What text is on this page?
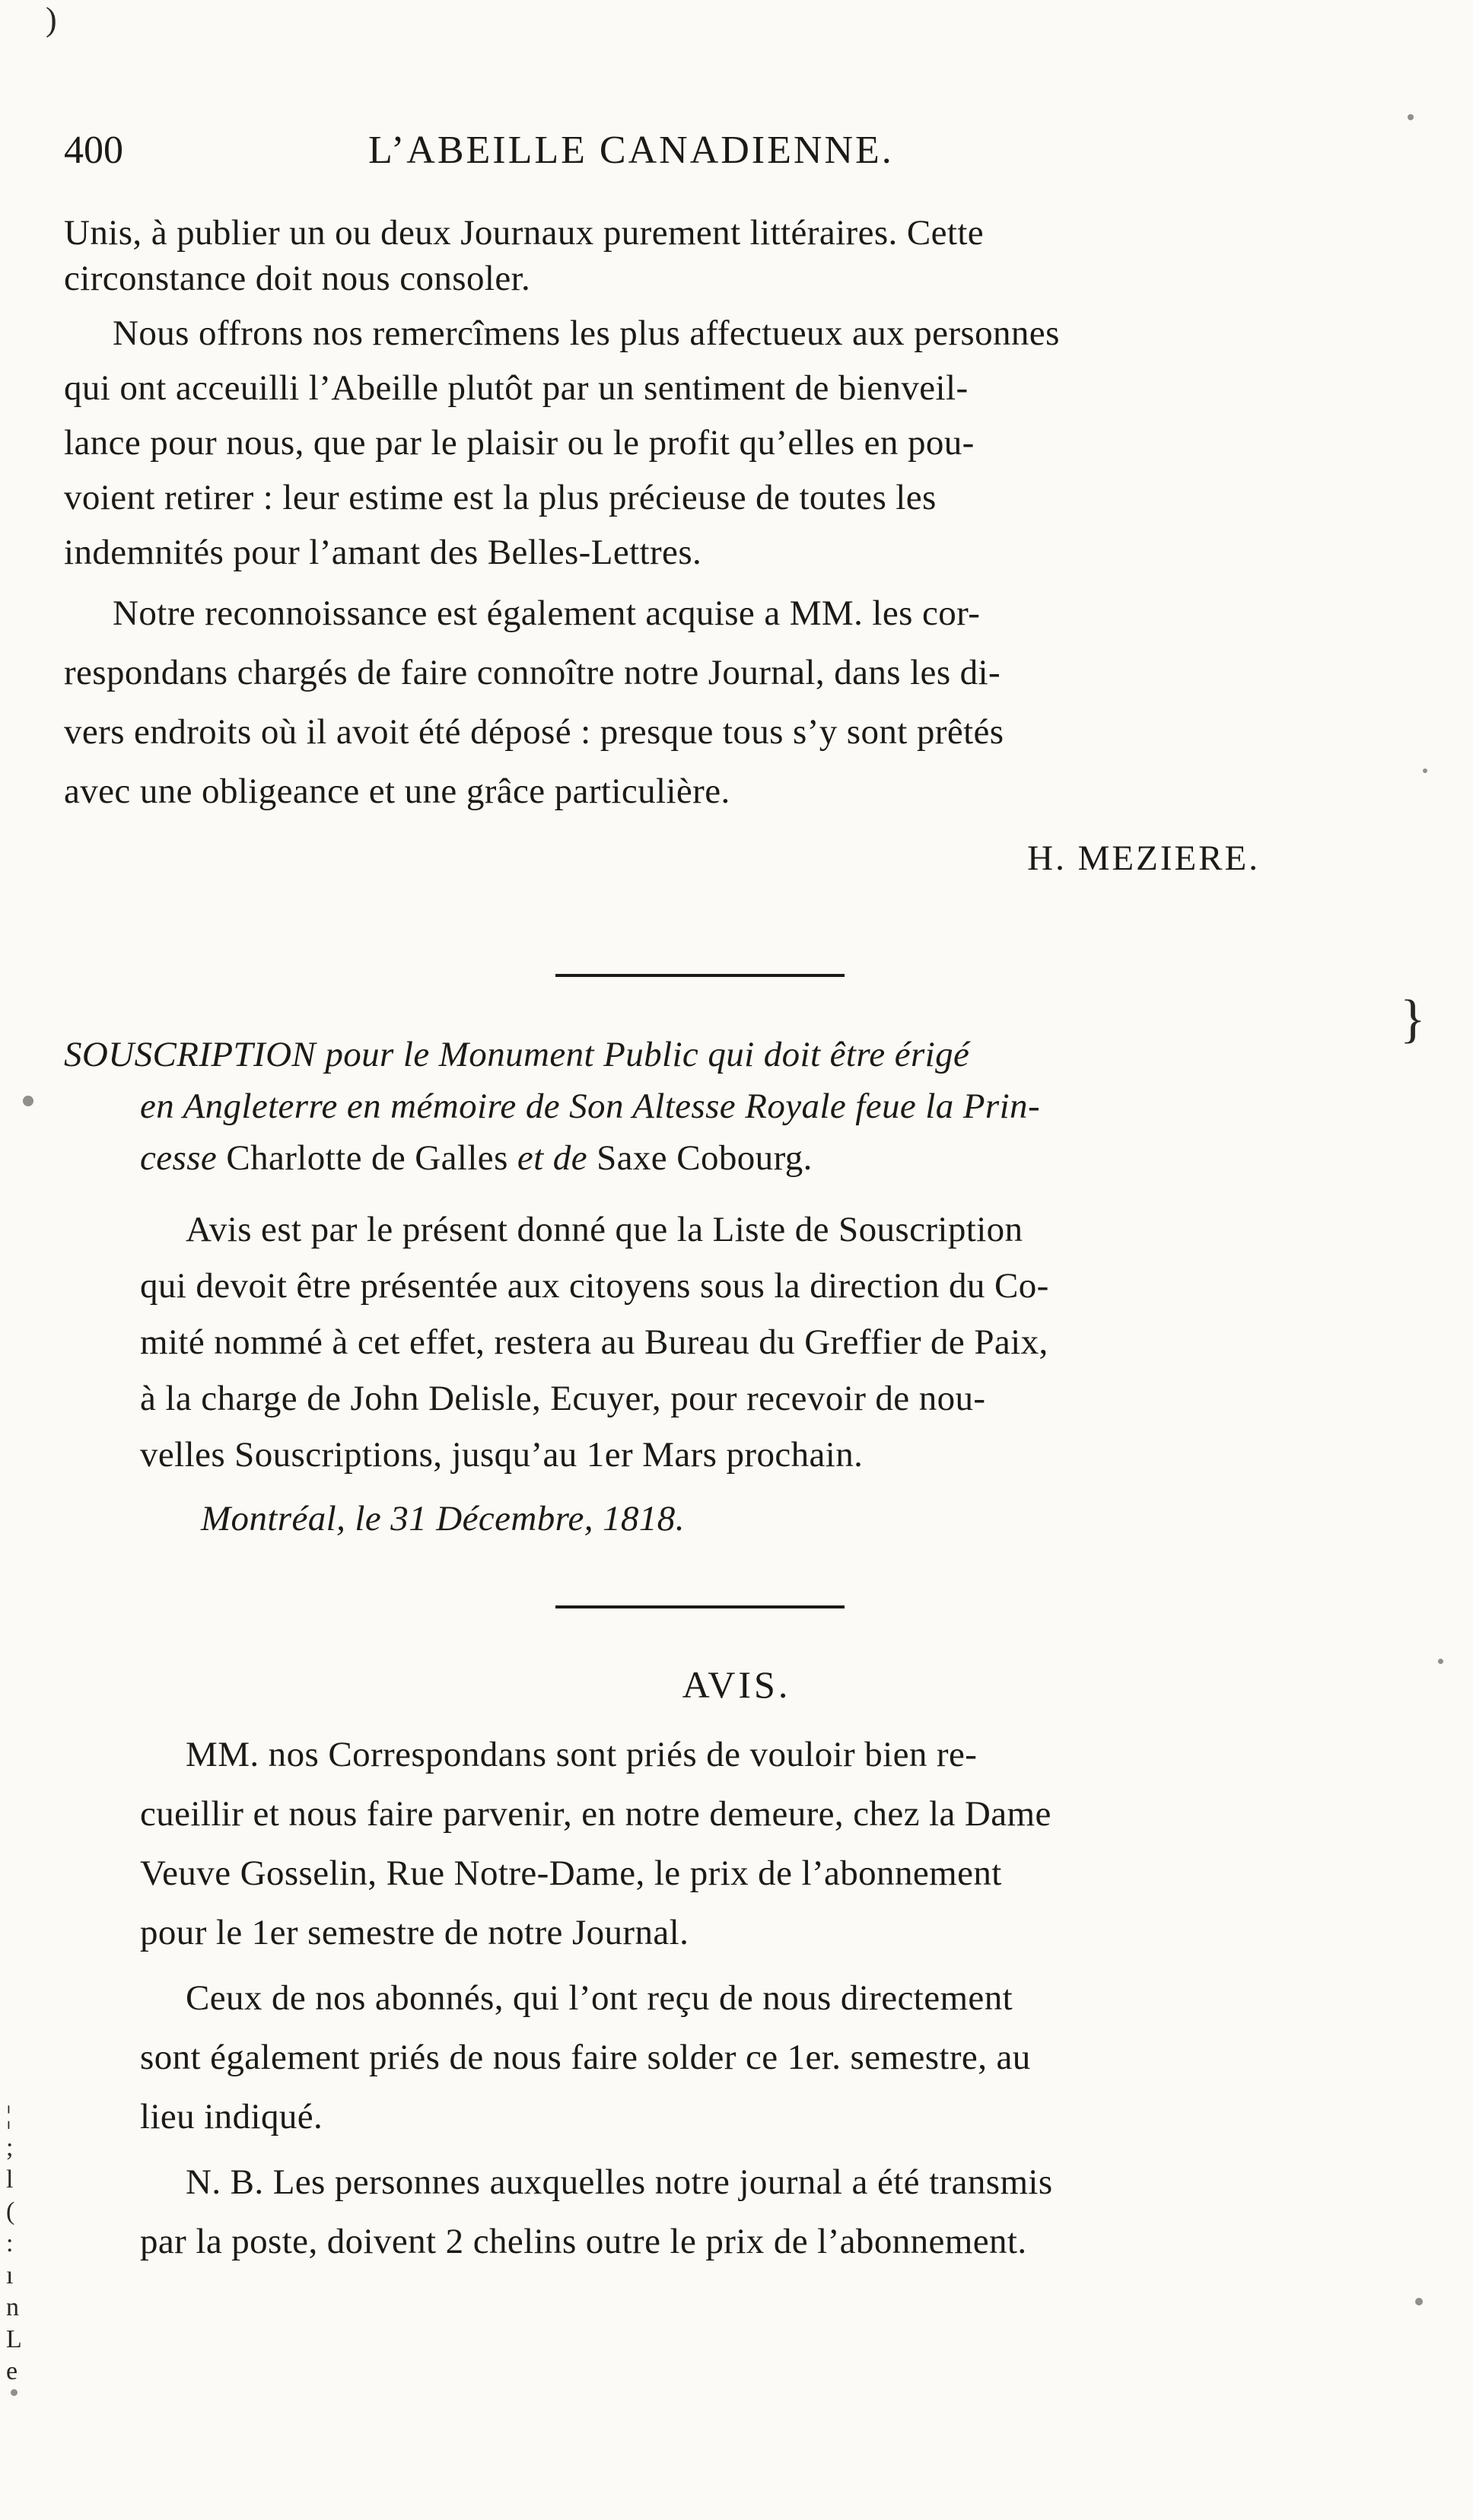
)
}
400	L’ABEILLE CANADIENNE.
Unis, à publier un ou deux Journaux purement littéraires. Cette
circonstance doit nous consoler.
Nous offrons nos remercîmens les plus affectueux aux personnes
qui ont acceuilli l’Abeille plutôt par un sentiment de bienveil-
lance pour nous, que par le plaisir ou le profit qu’elles en pou-
voient retirer : leur estime est la plus précieuse de toutes les
indemnités pour l’amant des Belles-Lettres.
Notre reconnoissance est également acquise a MM. les cor-
respondans chargés de faire connoître notre Journal, dans les di-
vers endroits où il avoit été déposé : presque tous s’y sont prêtés
avec une obligeance et une grâce particulière.
H. MEZIERE.
SOUSCRIPTION pour le Monument Public qui doit être érigé
en Angleterre en mémoire de Son Altesse Royale feue la Prin-
cesse Charlotte de Galles et de Saxe Cobourg.
Avis est par le présent donné que la Liste de Souscription
qui devoit être présentée aux citoyens sous la direction du Co-
mité nommé à cet effet, restera au Bureau du Greffier de Paix,
à la charge de John Delisle, Ecuyer, pour recevoir de nou-
velles Souscriptions, jusqu’au 1er Mars prochain.
Montréal, le 31 Décembre, 1818.
AVIS.
MM. nos Correspondans sont priés de vouloir bien re-
cueillir et nous faire parvenir, en notre demeure, chez la Dame
Veuve Gosselin, Rue Notre-Dame, le prix de l’abonnement
pour le 1er semestre de notre Journal.
Ceux de nos abonnés, qui l’ont reçu de nous directement
sont également priés de nous faire solder ce 1er. semestre, au
lieu indiqué.
N. B. Les personnes auxquelles notre journal a été transmis
par la poste, doivent 2 chelins outre le prix de l’abonnement.
¦
;
l
(
:
ı
n
L
e
